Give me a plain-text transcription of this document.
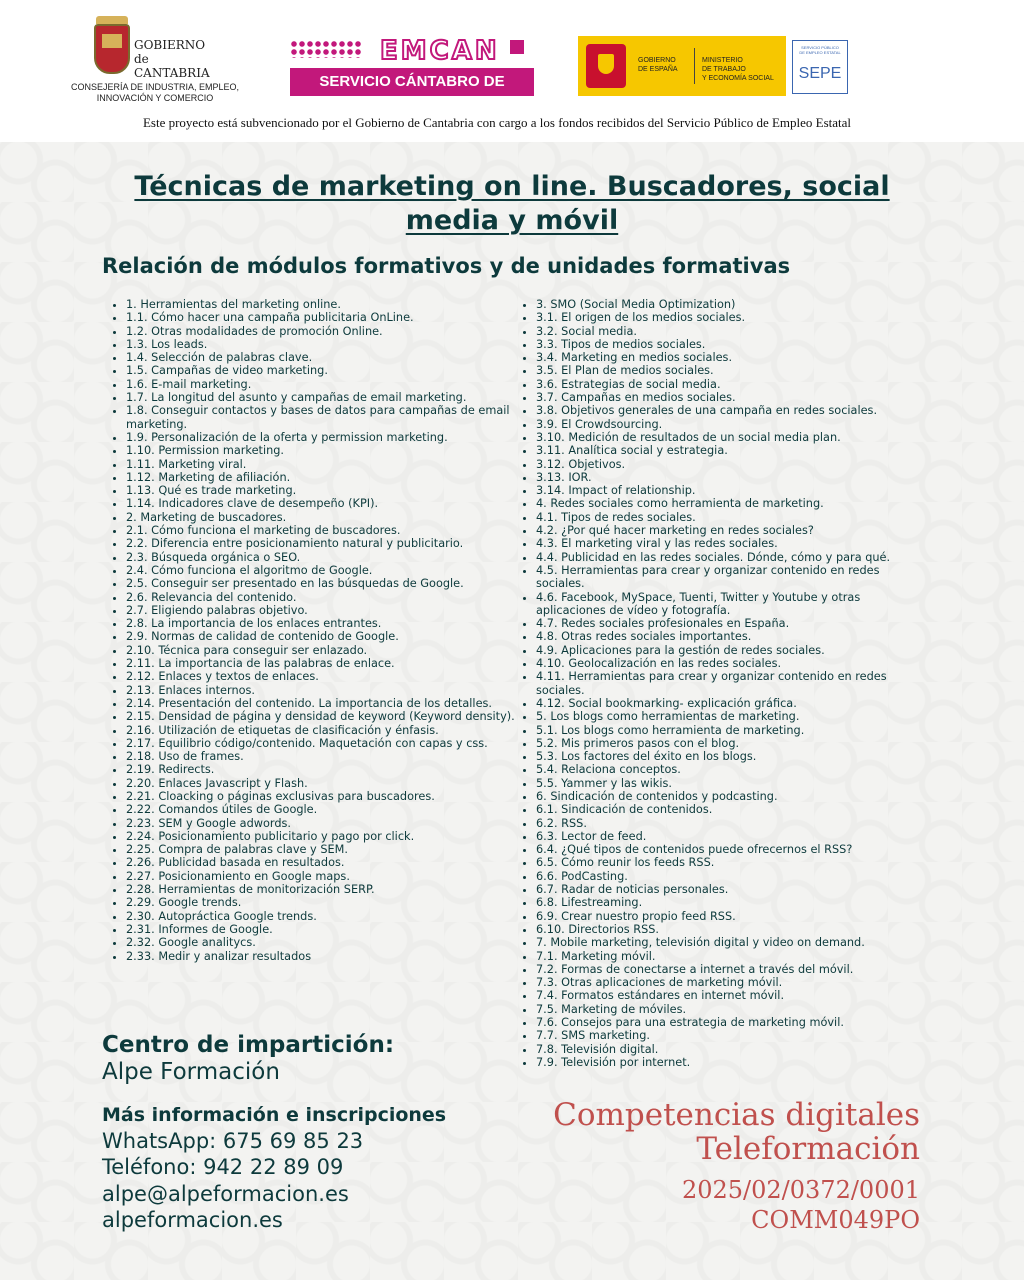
GOBIERNO
de
CANTABRIA
CONSEJERÍA DE INDUSTRIA, EMPLEO,
INNOVACIÓN Y COMERCIO
EMCAN
SERVICIO CÁNTABRO DE EMPLEO
GOBIERNO
DE ESPAÑA
MINISTERIO
DE TRABAJO
Y ECONOMÍA SOCIAL
SERVICIO PÚBLICO
DE EMPLEO ESTATAL
SEPE
Este proyecto está subvencionado por el Gobierno de Cantabria con cargo a los fondos recibidos del Servicio Público de Empleo Estatal
Técnicas de marketing on line. Buscadores, social media y móvil
Relación de módulos formativos y de unidades formativas
• 1. Herramientas del marketing online.
• 1.1. Cómo hacer una campaña publicitaria OnLine.
• 1.2. Otras modalidades de promoción Online.
• 1.3. Los leads.
• 1.4. Selección de palabras clave.
• 1.5. Campañas de video marketing.
• 1.6. E-mail marketing.
• 1.7. La longitud del asunto y campañas de email marketing.
• 1.8. Conseguir contactos y bases de datos para campañas de email marketing.
• 1.9. Personalización de la oferta y permission marketing.
• 1.10. Permission marketing.
• 1.11. Marketing viral.
• 1.12. Marketing de afiliación.
• 1.13. Qué es trade marketing.
• 1.14. Indicadores clave de desempeño (KPI).
• 2. Marketing de buscadores.
• 2.1. Cómo funciona el marketing de buscadores.
• 2.2. Diferencia entre posicionamiento natural y publicitario.
• 2.3. Búsqueda orgánica o SEO.
• 2.4. Cómo funciona el algoritmo de Google.
• 2.5. Conseguir ser presentado en las búsquedas de Google.
• 2.6. Relevancia del contenido.
• 2.7. Eligiendo palabras objetivo.
• 2.8. La importancia de los enlaces entrantes.
• 2.9. Normas de calidad de contenido de Google.
• 2.10. Técnica para conseguir ser enlazado.
• 2.11. La importancia de las palabras de enlace.
• 2.12. Enlaces y textos de enlaces.
• 2.13. Enlaces internos.
• 2.14. Presentación del contenido. La importancia de los detalles.
• 2.15. Densidad de página y densidad de keyword (Keyword density).
• 2.16. Utilización de etiquetas de clasificación y énfasis.
• 2.17. Equilibrio código/contenido. Maquetación con capas y css.
• 2.18. Uso de frames.
• 2.19. Redirects.
• 2.20. Enlaces Javascript y Flash.
• 2.21. Cloacking o páginas exclusivas para buscadores.
• 2.22. Comandos útiles de Google.
• 2.23. SEM y Google adwords.
• 2.24. Posicionamiento publicitario y pago por click.
• 2.25. Compra de palabras clave y SEM.
• 2.26. Publicidad basada en resultados.
• 2.27. Posicionamiento en Google maps.
• 2.28. Herramientas de monitorización SERP.
• 2.29. Google trends.
• 2.30. Autopráctica Google trends.
• 2.31. Informes de Google.
• 2.32. Google analitycs.
• 2.33. Medir y analizar resultados
• 3. SMO (Social Media Optimization)
• 3.1. El origen de los medios sociales.
• 3.2. Social media.
• 3.3. Tipos de medios sociales.
• 3.4. Marketing en medios sociales.
• 3.5. El Plan de medios sociales.
• 3.6. Estrategias de social media.
• 3.7. Campañas en medios sociales.
• 3.8. Objetivos generales de una campaña en redes sociales.
• 3.9. El Crowdsourcing.
• 3.10. Medición de resultados de un social media plan.
• 3.11. Analítica social y estrategia.
• 3.12. Objetivos.
• 3.13. IOR.
• 3.14. Impact of relationship.
• 4. Redes sociales como herramienta de marketing.
• 4.1. Tipos de redes sociales.
• 4.2. ¿Por qué hacer marketing en redes sociales?
• 4.3. El marketing viral y las redes sociales.
• 4.4. Publicidad en las redes sociales. Dónde, cómo y para qué.
• 4.5. Herramientas para crear y organizar contenido en redes sociales.
• 4.6. Facebook, MySpace, Tuenti, Twitter y Youtube y otras aplicaciones de vídeo y fotografía.
• 4.7. Redes sociales profesionales en España.
• 4.8. Otras redes sociales importantes.
• 4.9. Aplicaciones para la gestión de redes sociales.
• 4.10. Geolocalización en las redes sociales.
• 4.11. Herramientas para crear y organizar contenido en redes sociales.
• 4.12. Social bookmarking- explicación gráfica.
• 5. Los blogs como herramientas de marketing.
• 5.1. Los blogs como herramienta de marketing.
• 5.2. Mis primeros pasos con el blog.
• 5.3. Los factores del éxito en los blogs.
• 5.4. Relaciona conceptos.
• 5.5. Yammer y las wikis.
• 6. Sindicación de contenidos y podcasting.
• 6.1. Sindicación de contenidos.
• 6.2. RSS.
• 6.3. Lector de feed.
• 6.4. ¿Qué tipos de contenidos puede ofrecernos el RSS?
• 6.5. Cómo reunir los feeds RSS.
• 6.6. PodCasting.
• 6.7. Radar de noticias personales.
• 6.8. Lifestreaming.
• 6.9. Crear nuestro propio feed RSS.
• 6.10. Directorios RSS.
• 7. Mobile marketing, televisión digital y video on demand.
• 7.1. Marketing móvil.
• 7.2. Formas de conectarse a internet a través del móvil.
• 7.3. Otras aplicaciones de marketing móvil.
• 7.4. Formatos estándares en internet móvil.
• 7.5. Marketing de móviles.
• 7.6. Consejos para una estrategia de marketing móvil.
• 7.7. SMS marketing.
• 7.8. Televisión digital.
• 7.9. Televisión por internet.
Centro de impartición:
Alpe Formación
Más información e inscripciones
WhatsApp: 675 69 85 23
Teléfono: 942 22 89 09
alpe@alpeformacion.es
alpeformacion.es
Competencias digitales
Teleformación
2025/02/0372/0001
COMM049PO
